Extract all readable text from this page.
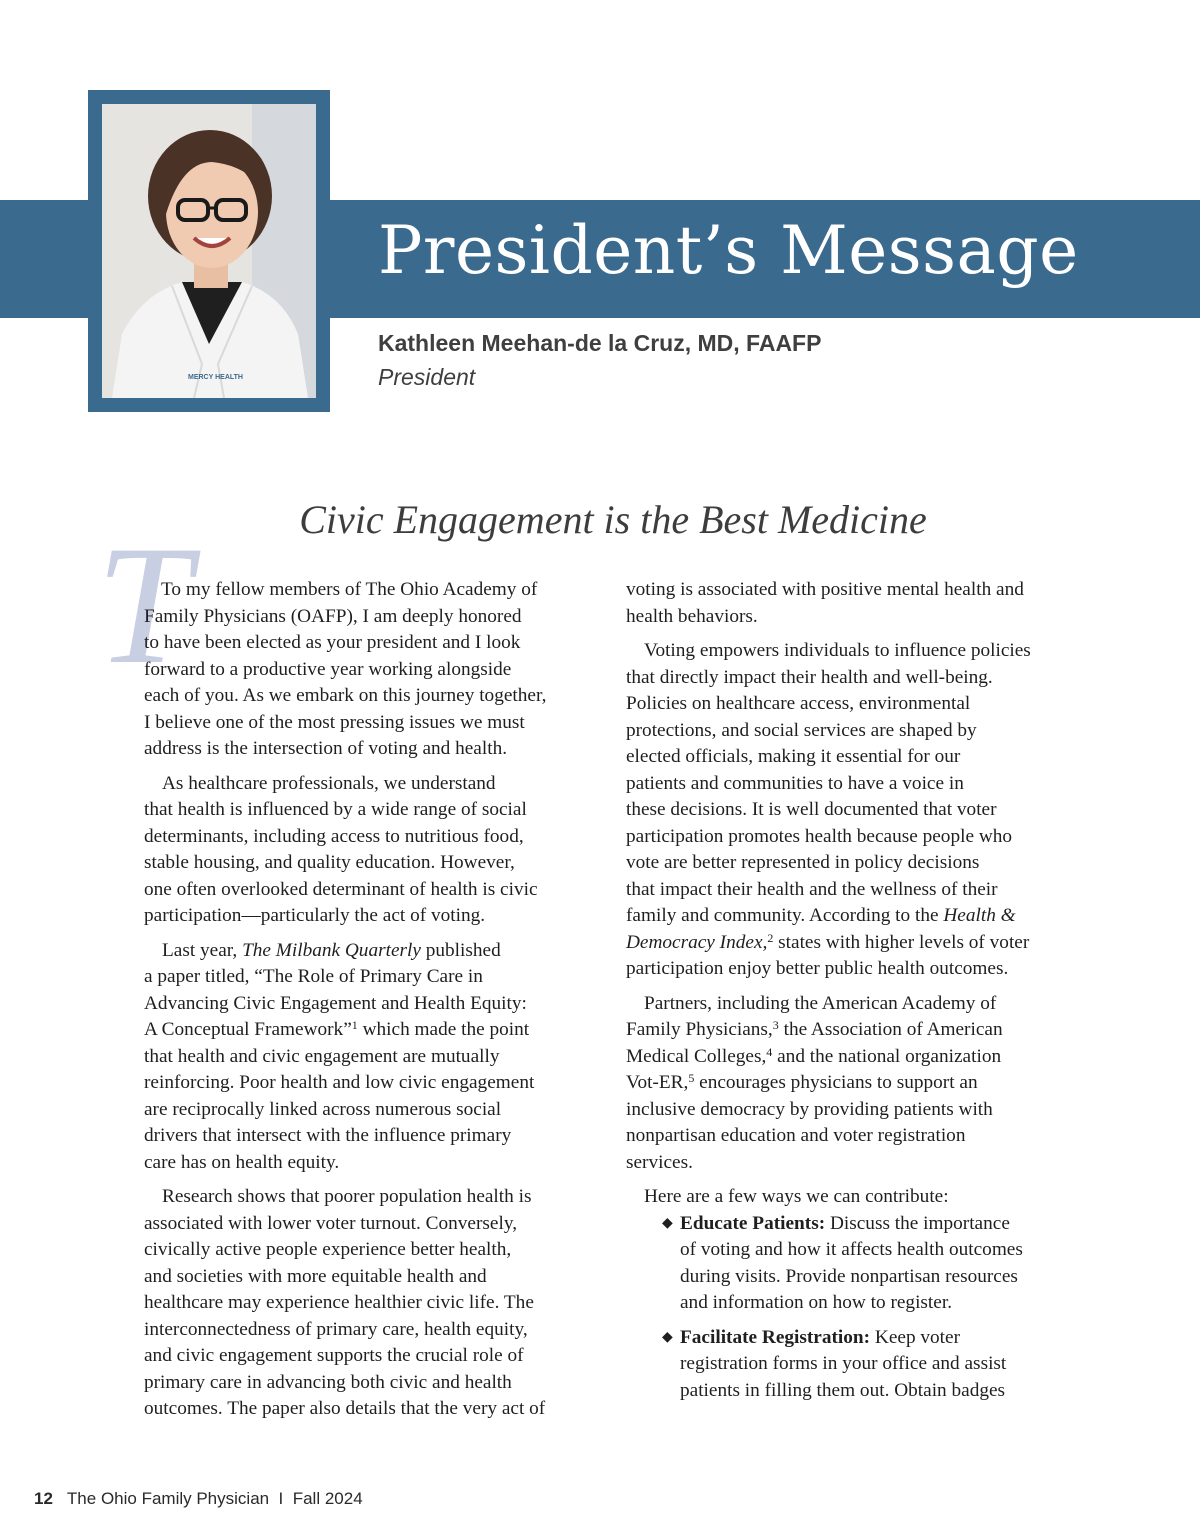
MERCY HEALTH
President’s Message
Kathleen Meehan-de la Cruz, MD, FAAFP
President
Civic Engagement is the Best Medicine
T

To my fellow members of The Ohio Academy of
Family Physicians (OAFP), I am deeply honored
to have been elected as your president and I look
forward to a productive year working alongside
each of you. As we embark on this journey together,
I believe one of the most pressing issues we must
address is the intersection of voting and health.

As healthcare professionals, we understand
that health is influenced by a wide range of social
determinants, including access to nutritious food,
stable housing, and quality education. However,
one often overlooked determinant of health is civic
participation—particularly the act of voting.

Last year, The Milbank Quarterly published
a paper titled, “The Role of Primary Care in
Advancing Civic Engagement and Health Equity:
A Conceptual Framework”$^1$ which made the point
that health and civic engagement are mutually
reinforcing. Poor health and low civic engagement
are reciprocally linked across numerous social
drivers that intersect with the influence primary
care has on health equity.

Research shows that poorer population health is
associated with lower voter turnout. Conversely,
civically active people experience better health,
and societies with more equitable health and
healthcare may experience healthier civic life. The
interconnectedness of primary care, health equity,
and civic engagement supports the crucial role of
primary care in advancing both civic and health
outcomes. The paper also details that the very act of

voting is associated with positive mental health and
health behaviors.

Voting empowers individuals to influence policies
that directly impact their health and well-being.
Policies on healthcare access, environmental
protections, and social services are shaped by
elected officials, making it essential for our
patients and communities to have a voice in
these decisions. It is well documented that voter
participation promotes health because people who
vote are better represented in policy decisions
that impact their health and the wellness of their
family and community. According to the Health &
Democracy Index,$^2$ states with higher levels of voter
participation enjoy better public health outcomes.

Partners, including the American Academy of
Family Physicians,$^3$ the Association of American
Medical Colleges,$^4$ and the national organization
Vot-ER,$^5$ encourages physicians to support an
inclusive democracy by providing patients with
nonpartisan education and voter registration
services.

Here are a few ways we can contribute:

◆ Educate Patients: Discuss the importance
of voting and how it affects health outcomes
during visits. Provide nonpartisan resources
and information on how to register.
◆ Facilitate Registration: Keep voter
registration forms in your office and assist
patients in filling them out. Obtain badges
12 The Ohio Family Physician  I  Fall 2024
